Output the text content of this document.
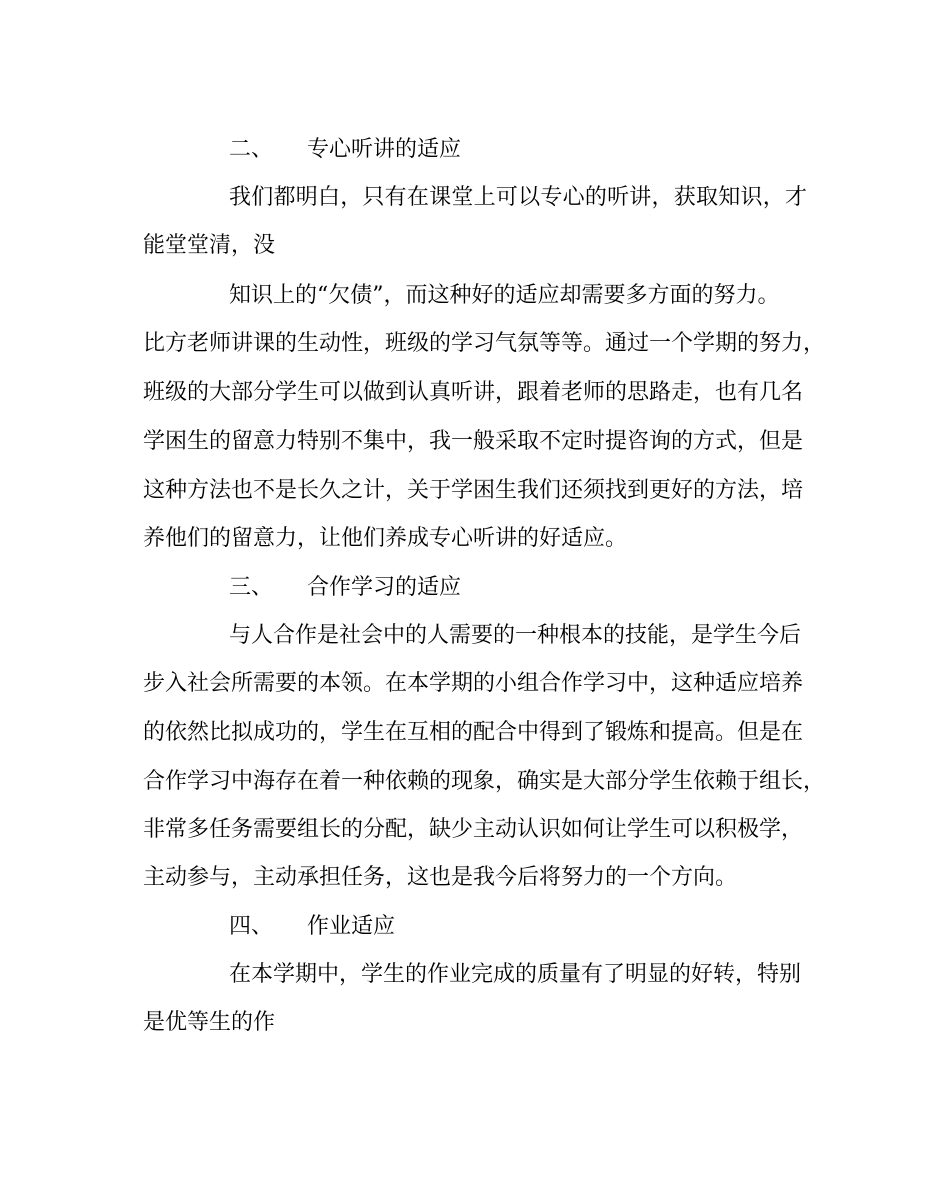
二、 专心听讲的适应
我们都明白，只有在课堂上可以专心的听讲，获取知识，才
能堂堂清，没
知识上的“欠债”，而这种好的适应却需要多方面的努力。
比方老师讲课的生动性，班级的学习气氛等等。通过一个学期的努力，
班级的大部分学生可以做到认真听讲，跟着老师的思路走，也有几名
学困生的留意力特别不集中，我一般采取不定时提咨询的方式，但是
这种方法也不是长久之计，关于学困生我们还须找到更好的方法，培
养他们的留意力，让他们养成专心听讲的好适应。
三、 合作学习的适应
与人合作是社会中的人需要的一种根本的技能，是学生今后
步入社会所需要的本领。在本学期的小组合作学习中，这种适应培养
的依然比拟成功的，学生在互相的配合中得到了锻炼和提高。但是在
合作学习中海存在着一种依赖的现象，确实是大部分学生依赖于组长，
非常多任务需要组长的分配，缺少主动认识如何让学生可以积极学，
主动参与，主动承担任务，这也是我今后将努力的一个方向。
四、 作业适应
在本学期中，学生的作业完成的质量有了明显的好转，特别
是优等生的作
